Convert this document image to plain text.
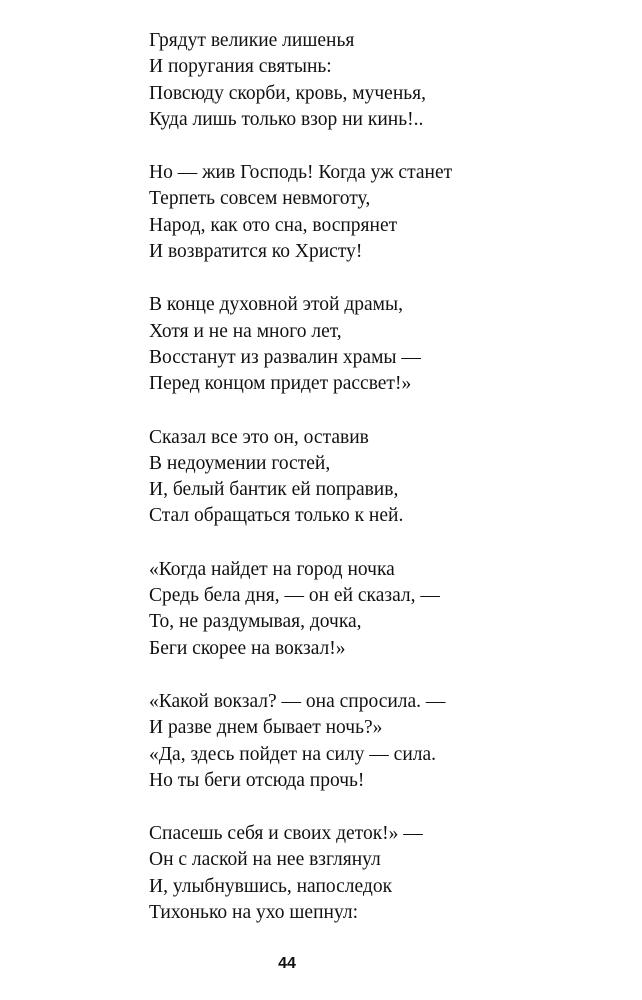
Грядут великие лишенья
И поругания святынь:
Повсюду скорби, кровь, мученья,
Куда лишь только взор ни кинь!..
Но — жив Господь! Когда уж станет
Терпеть совсем невмоготу,
Народ, как ото сна, воспрянет
И возвратится ко Христу!
В конце духовной этой драмы,
Хотя и не на много лет,
Восстанут из развалин храмы —
Перед концом придет рассвет!»
Сказал все это он, оставив
В недоумении гостей,
И, белый бантик ей поправив,
Стал обращаться только к ней.
«Когда найдет на город ночка
Средь бела дня, — он ей сказал, —
То, не раздумывая, дочка,
Беги скорее на вокзал!»
«Какой вокзал? — она спросила. —
И разве днем бывает ночь?»
«Да, здесь пойдет на силу — сила.
Но ты беги отсюда прочь!
Спасешь себя и своих деток!» —
Он с лаской на нее взглянул
И, улыбнувшись, напоследок
Тихонько на ухо шепнул:
44
